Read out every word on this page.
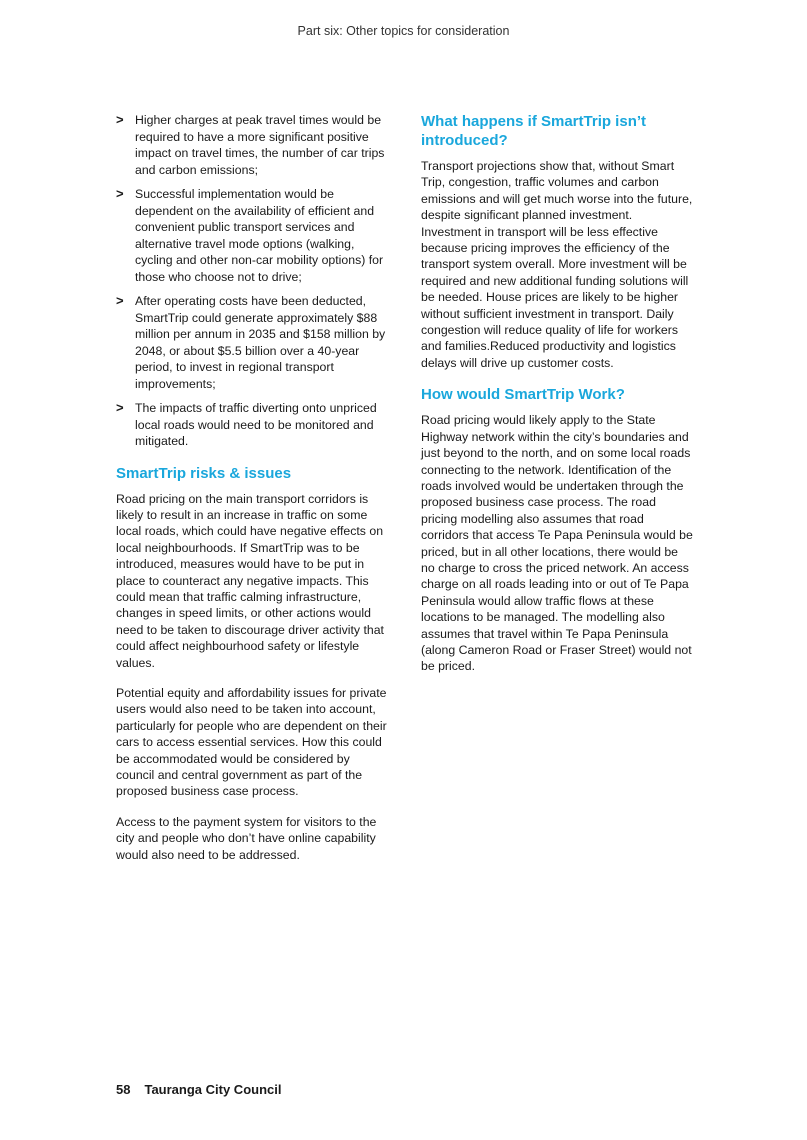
Part six: Other topics for consideration
> Higher charges at peak travel times would be required to have a more significant positive impact on travel times, the number of car trips and carbon emissions;
> Successful implementation would be dependent on the availability of efficient and convenient public transport services and alternative travel mode options (walking, cycling and other non-car mobility options) for those who choose not to drive;
> After operating costs have been deducted, SmartTrip could generate approximately $88 million per annum in 2035 and $158 million by 2048, or about $5.5 billion over a 40-year period, to invest in regional transport improvements;
> The impacts of traffic diverting onto unpriced local roads would need to be monitored and mitigated.
SmartTrip risks & issues

Road pricing on the main transport corridors is likely to result in an increase in traffic on some local roads, which could have negative effects on local neighbourhoods. If SmartTrip was to be introduced, measures would have to be put in place to counteract any negative impacts. This could mean that traffic calming infrastructure, changes in speed limits, or other actions would need to be taken to discourage driver activity that could affect neighbourhood safety or lifestyle values.

Potential equity and affordability issues for private users would also need to be taken into account, particularly for people who are dependent on their cars to access essential services. How this could be accommodated would be considered by council and central government as part of the proposed business case process.

Access to the payment system for visitors to the city and people who don’t have online capability would also need to be addressed.

What happens if SmartTrip isn’t introduced?

Transport projections show that, without Smart Trip, congestion, traffic volumes and carbon emissions and will get much worse into the future, despite significant planned investment. Investment in transport will be less effective because pricing improves the efficiency of the transport system overall. More investment will be required and new additional funding solutions will be needed. House prices are likely to be higher without sufficient investment in transport. Daily congestion will reduce quality of life for workers and families.Reduced productivity and logistics delays will drive up customer costs.

How would SmartTrip Work?

Road pricing would likely apply to the State Highway network within the city’s boundaries and just beyond to the north, and on some local roads connecting to the network. Identification of the roads involved would be undertaken through the proposed business case process. The road pricing modelling also assumes that road corridors that access Te Papa Peninsula would be priced, but in all other locations, there would be no charge to cross the priced network. An access charge on all roads leading into or out of Te Papa Peninsula would allow traffic flows at these locations to be managed. The modelling also assumes that travel within Te Papa Peninsula (along Cameron Road or Fraser Street) would not be priced.

58 Tauranga City Council
